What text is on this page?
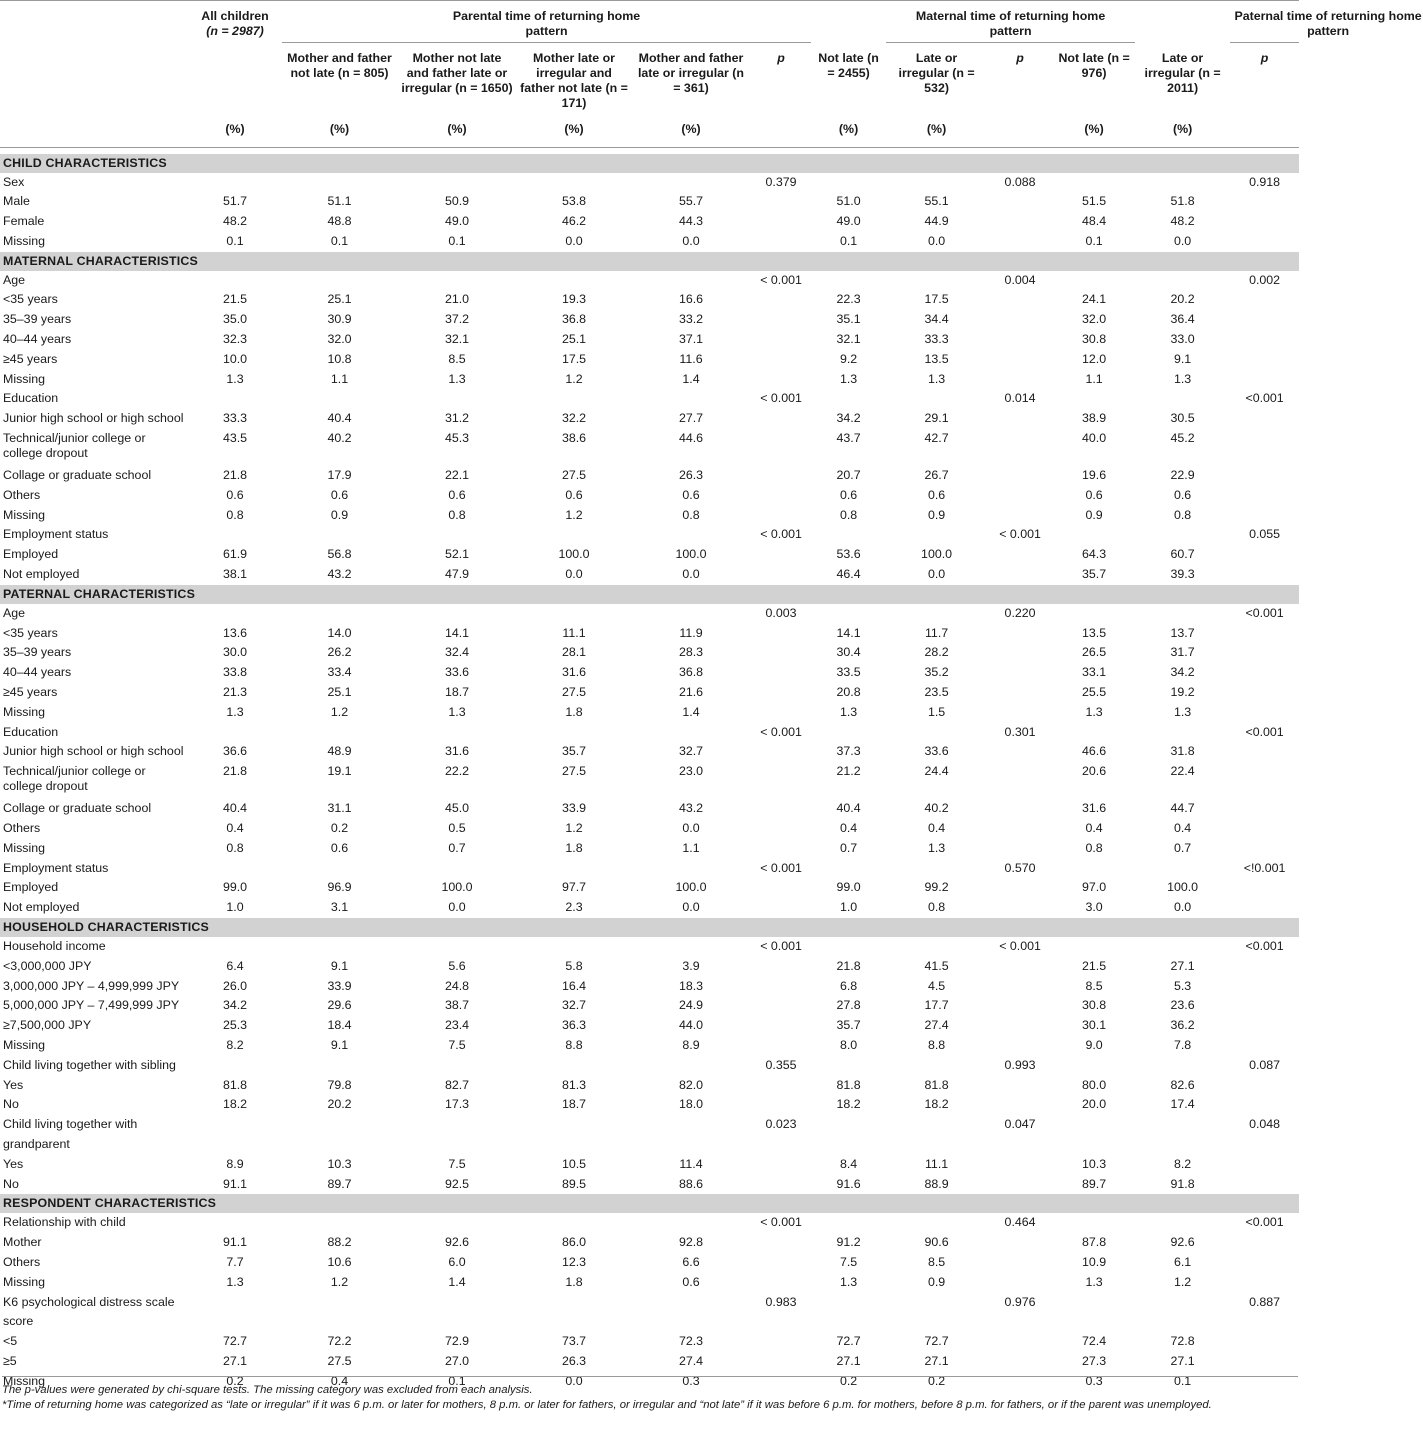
	All children
(n = 2987)	Parental time of returning home pattern						Maternal time of returning home pattern				Paternal time of returning home pattern	

		Mother and father not late (n = 805)	Mother not late and father late or irregular (n = 1650)	Mother late or irregular and father not late (n = 171)	Mother and father late or irregular (n = 361)	p	Not late (n = 2455)	Late or irregular (n = 532)	p	Not late (n = 976)	Late or irregular (n = 2011)	p	
	(%)	(%)	(%)	(%)	(%)		(%)	(%)		(%)	(%)		

CHILD CHARACTERISTICS													
Sex						0.379			0.088			0.918	
Male	51.7	51.1	50.9	53.8	55.7		51.0	55.1		51.5	51.8		
Female	48.2	48.8	49.0	46.2	44.3		49.0	44.9		48.4	48.2		
Missing	0.1	0.1	0.1	0.0	0.0		0.1	0.0		0.1	0.0		
MATERNAL CHARACTERISTICS													
Age						< 0.001			0.004			0.002	
<35 years	21.5	25.1	21.0	19.3	16.6		22.3	17.5		24.1	20.2		
35–39 years	35.0	30.9	37.2	36.8	33.2		35.1	34.4		32.0	36.4		
40–44 years	32.3	32.0	32.1	25.1	37.1		32.1	33.3		30.8	33.0		
≥45 years	10.0	10.8	8.5	17.5	11.6		9.2	13.5		12.0	9.1		
Missing	1.3	1.1	1.3	1.2	1.4		1.3	1.3		1.1	1.3		
Education						< 0.001			0.014			<0.001	
Junior high school or high school	33.3	40.4	31.2	32.2	27.7		34.2	29.1		38.9	30.5		
Technical/junior college or college dropout	43.5	40.2	45.3	38.6	44.6		43.7	42.7		40.0	45.2		
Collage or graduate school	21.8	17.9	22.1	27.5	26.3		20.7	26.7		19.6	22.9		
Others	0.6	0.6	0.6	0.6	0.6		0.6	0.6		0.6	0.6		
Missing	0.8	0.9	0.8	1.2	0.8		0.8	0.9		0.9	0.8		
Employment status						< 0.001			< 0.001			0.055	
Employed	61.9	56.8	52.1	100.0	100.0		53.6	100.0		64.3	60.7		
Not employed	38.1	43.2	47.9	0.0	0.0		46.4	0.0		35.7	39.3		
PATERNAL CHARACTERISTICS													
Age						0.003			0.220			<0.001	
<35 years	13.6	14.0	14.1	11.1	11.9		14.1	11.7		13.5	13.7		
35–39 years	30.0	26.2	32.4	28.1	28.3		30.4	28.2		26.5	31.7		
40–44 years	33.8	33.4	33.6	31.6	36.8		33.5	35.2		33.1	34.2		
≥45 years	21.3	25.1	18.7	27.5	21.6		20.8	23.5		25.5	19.2		
Missing	1.3	1.2	1.3	1.8	1.4		1.3	1.5		1.3	1.3		
Education						< 0.001			0.301			<0.001	
Junior high school or high school	36.6	48.9	31.6	35.7	32.7		37.3	33.6		46.6	31.8		
Technical/junior college or college dropout	21.8	19.1	22.2	27.5	23.0		21.2	24.4		20.6	22.4		
Collage or graduate school	40.4	31.1	45.0	33.9	43.2		40.4	40.2		31.6	44.7		
Others	0.4	0.2	0.5	1.2	0.0		0.4	0.4		0.4	0.4		
Missing	0.8	0.6	0.7	1.8	1.1		0.7	1.3		0.8	0.7		
Employment status						< 0.001			0.570			<!0.001	
Employed	99.0	96.9	100.0	97.7	100.0		99.0	99.2		97.0	100.0		
Not employed	1.0	3.1	0.0	2.3	0.0		1.0	0.8		3.0	0.0		
HOUSEHOLD CHARACTERISTICS													
Household income						< 0.001			< 0.001			<0.001	
<3,000,000 JPY	6.4	9.1	5.6	5.8	3.9		21.8	41.5		21.5	27.1		
3,000,000 JPY – 4,999,999 JPY	26.0	33.9	24.8	16.4	18.3		6.8	4.5		8.5	5.3		
5,000,000 JPY – 7,499,999 JPY	34.2	29.6	38.7	32.7	24.9		27.8	17.7		30.8	23.6		
≥7,500,000 JPY	25.3	18.4	23.4	36.3	44.0		35.7	27.4		30.1	36.2		
Missing	8.2	9.1	7.5	8.8	8.9		8.0	8.8		9.0	7.8		
Child living together with sibling						0.355			0.993			0.087	
Yes	81.8	79.8	82.7	81.3	82.0		81.8	81.8		80.0	82.6		
No	18.2	20.2	17.3	18.7	18.0		18.2	18.2		20.0	17.4		
Child living together with grandparent						0.023			0.047			0.048	
Yes	8.9	10.3	7.5	10.5	11.4		8.4	11.1		10.3	8.2		
No	91.1	89.7	92.5	89.5	88.6		91.6	88.9		89.7	91.8		
RESPONDENT CHARACTERISTICS													
Relationship with child						< 0.001			0.464			<0.001	
Mother	91.1	88.2	92.6	86.0	92.8		91.2	90.6		87.8	92.6		
Others	7.7	10.6	6.0	12.3	6.6		7.5	8.5		10.9	6.1		
Missing	1.3	1.2	1.4	1.8	0.6		1.3	0.9		1.3	1.2		
K6 psychological distress scale score						0.983			0.976			0.887	
<5	72.7	72.2	72.9	73.7	72.3		72.7	72.7		72.4	72.8		
≥5	27.1	27.5	27.0	26.3	27.4		27.1	27.1		27.3	27.1		
Missing	0.2	0.4	0.1	0.0	0.3		0.2	0.2		0.3	0.1		

The p-values were generated by chi-square tests. The missing category was excluded from each analysis.

*Time of returning home was categorized as “late or irregular” if it was 6 p.m. or later for mothers, 8 p.m. or later for fathers, or irregular and “not late” if it was before 6 p.m. for mothers, before 8 p.m. for fathers, or if the parent was unemployed.
